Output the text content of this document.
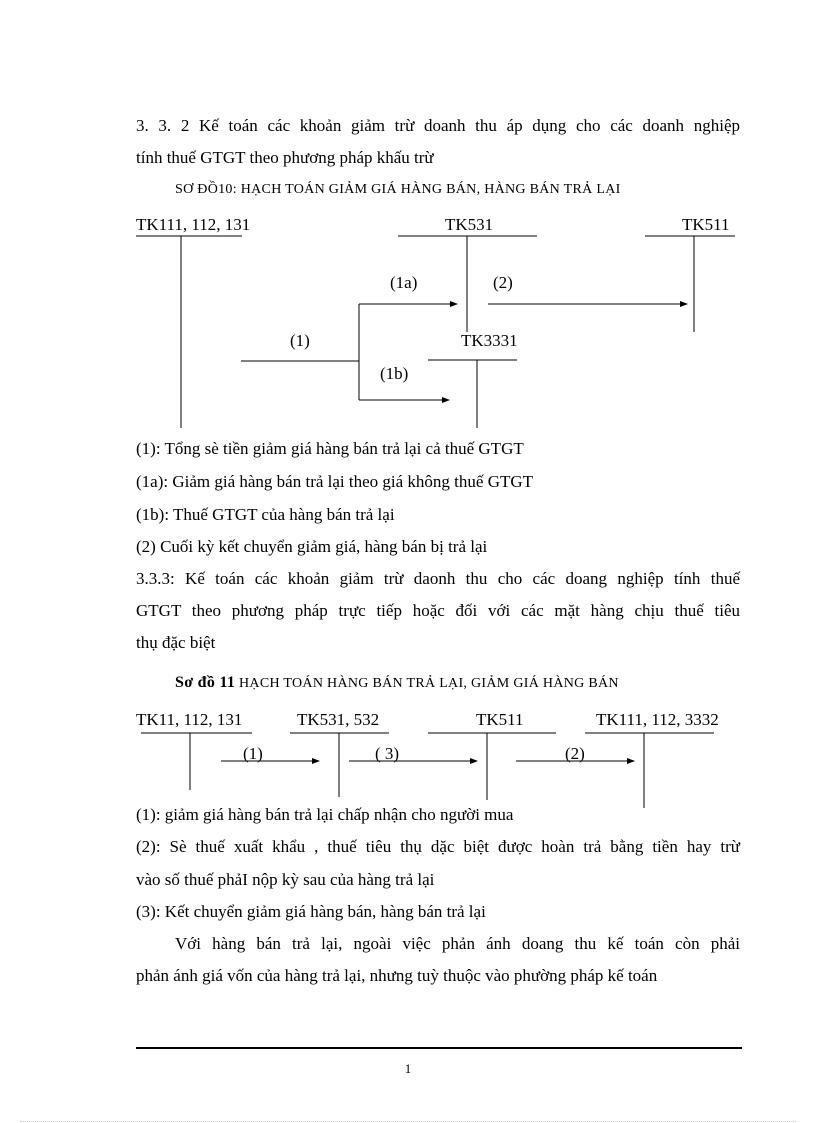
3. 3. 2 Kế toán các khoản giảm trừ doanh thu áp dụng cho các doanh nghiệp
tính thuế GTGT theo phương pháp khấu trừ
SƠ ĐỒ10: HẠCH TOÁN GIẢM GIÁ HÀNG BÁN, HÀNG BÁN TRẢ LẠI
TK111, 112, 131	TK531	TK511
TK3331
(1a)	(2)
(1)
(1b)
(1): Tổng sè tiền giảm giá hàng bán trả lại cả thuế GTGT
(1a): Giảm giá hàng bán trả lại theo giá không thuế GTGT
(1b): Thuế GTGT của hàng bán trả lại
(2) Cuối kỳ kết chuyển giảm giá, hàng bán bị trả lại
3.3.3: Kế toán các khoản giảm trừ daonh thu cho các doang nghiệp tính thuế
GTGT theo phương pháp trực tiếp hoặc đối với các mặt hàng chịu thuế tiêu
thụ đặc biệt
Sơ đồ 11 HẠCH TOÁN HÀNG BÁN TRẢ LẠI, GIẢM GIÁ HÀNG BÁN
TK11, 112, 131	TK531, 532	TK511	TK111, 112, 3332
(1)	( 3)	(2)
(1): giảm giá hàng bán trả lại chấp nhận cho người mua
(2): Sè thuế xuất khẩu , thuế tiêu thụ dặc biệt được hoàn trả bằng tiền hay trừ
vào số thuế phảI nộp kỳ sau của hàng trả lại
(3): Kết chuyển giảm giá hàng bán, hàng bán trả lại
Với hàng bán trả lại, ngoài việc phản ánh doang thu kế toán còn phải
phản ánh giá vốn của hàng trả lại, nhưng tuỳ thuộc vào phường pháp kế toán
1
